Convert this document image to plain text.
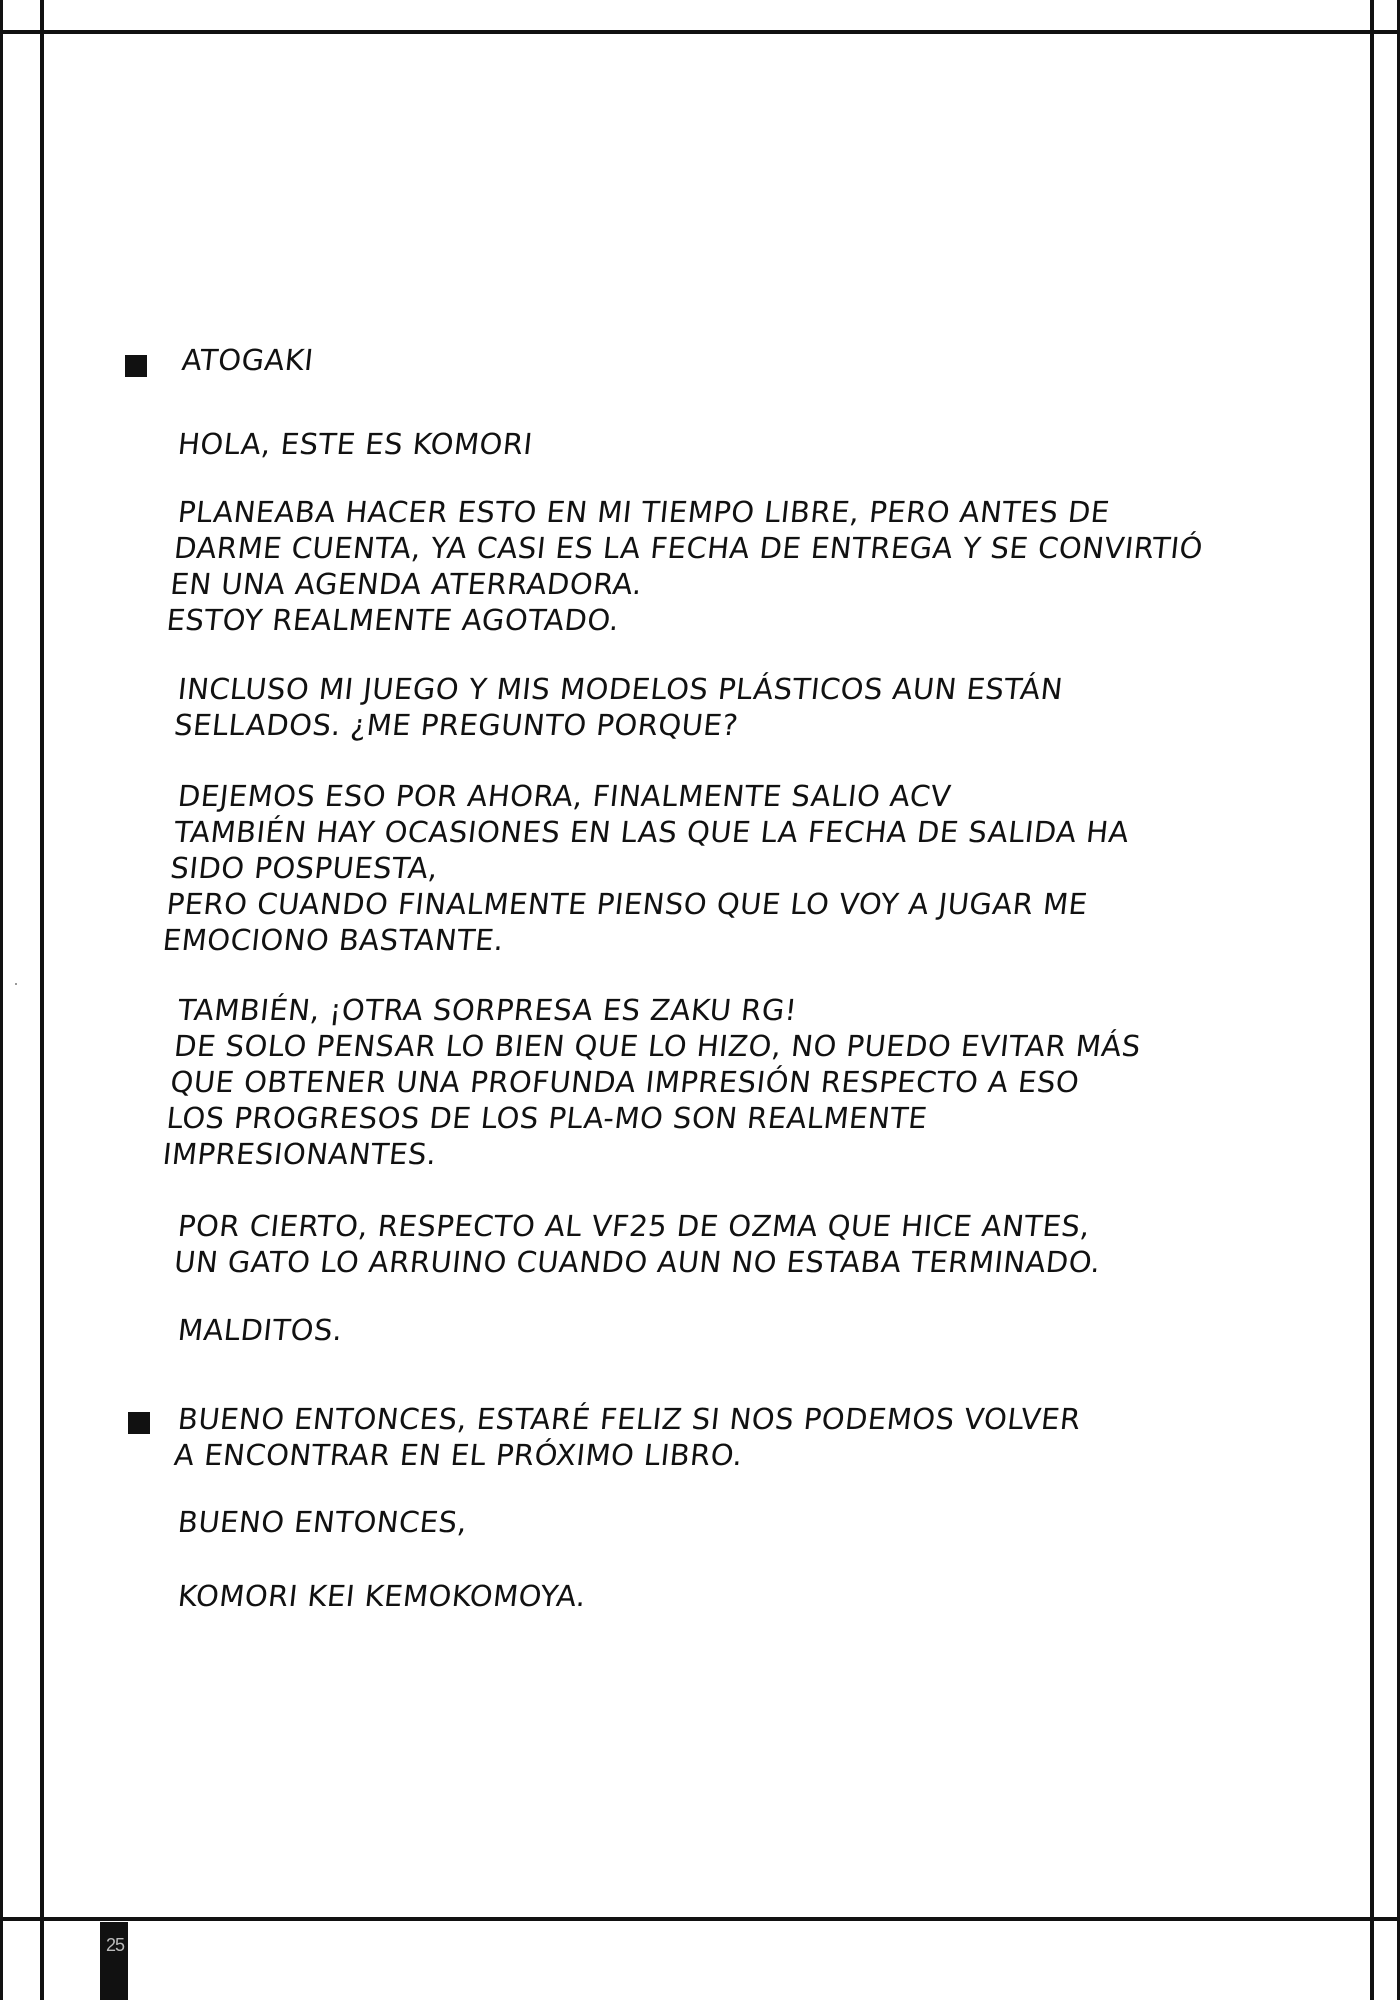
ATOGAKI
HOLA, ESTE ES KOMORI
PLANEABA HACER ESTO EN MI TIEMPO LIBRE, PERO ANTES DE
DARME CUENTA, YA CASI ES LA FECHA DE ENTREGA Y SE CONVIRTIÓ
EN UNA AGENDA ATERRADORA.
ESTOY REALMENTE AGOTADO.
INCLUSO MI JUEGO Y MIS MODELOS PLÁSTICOS AUN ESTÁN
SELLADOS. ¿ME PREGUNTO PORQUE?
DEJEMOS ESO POR AHORA, FINALMENTE SALIO ACV
TAMBIÉN HAY OCASIONES EN LAS QUE LA FECHA DE SALIDA HA
SIDO POSPUESTA,
PERO CUANDO FINALMENTE PIENSO QUE LO VOY A JUGAR ME
EMOCIONO BASTANTE.
TAMBIÉN, ¡OTRA SORPRESA ES ZAKU RG!
DE SOLO PENSAR LO BIEN QUE LO HIZO, NO PUEDO EVITAR MÁS
QUE OBTENER UNA PROFUNDA IMPRESIÓN RESPECTO A ESO
LOS PROGRESOS DE LOS PLA-MO SON REALMENTE
IMPRESIONANTES.
POR CIERTO, RESPECTO AL VF25 DE OZMA QUE HICE ANTES,
UN GATO LO ARRUINO CUANDO AUN NO ESTABA TERMINADO.
MALDITOS.
BUENO ENTONCES, ESTARÉ FELIZ SI NOS PODEMOS VOLVER
A ENCONTRAR EN EL PRÓXIMO LIBRO.
BUENO ENTONCES,
KOMORI KEI KEMOKOMOYA.
25
